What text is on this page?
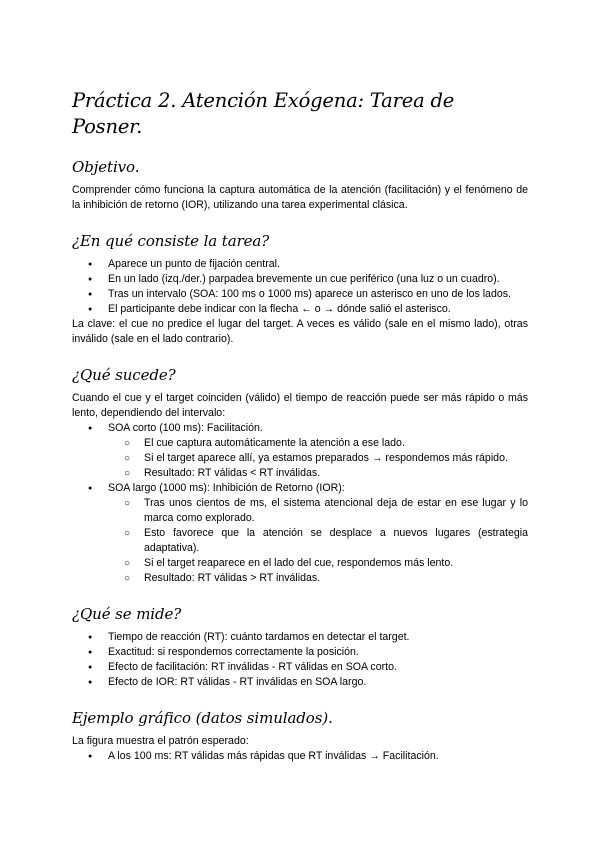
Práctica 2. Atención Exógena: Tarea de Posner.
Objetivo.

Comprender cómo funciona la captura automática de la atención (facilitación) y el fenómeno de la inhibición de retorno (IOR), utilizando una tarea experimental clásica.

¿En qué consiste la tarea?
● Aparece un punto de fijación central.
● En un lado (izq./der.) parpadea brevemente un cue periférico (una luz o un cuadro).
● Tras un intervalo (SOA: 100 ms o 1000 ms) aparece un asterisco en uno de los lados.
● El participante debe indicar con la flecha ← o → dónde salió el asterisco.

La clave: el cue no predice el lugar del target. A veces es válido (sale en el mismo lado), otras inválido (sale en el lado contrario).

¿Qué sucede?

Cuando el cue y el target coinciden (válido) el tiempo de reacción puede ser más rápido o más lento, dependiendo del intervalo:

● SOA corto (100 ms): Facilitación.
○ El cue captura automáticamente la atención a ese lado.
○ Si el target aparece allí, ya estamos preparados → respondemos más rápido.
○ Resultado: RT válidas < RT inválidas.
● SOA largo (1000 ms): Inhibición de Retorno (IOR):
○ Tras unos cientos de ms, el sistema atencional deja de estar en ese lugar y lo marca como explorado.
○ Esto favorece que la atención se desplace a nuevos lugares (estrategia adaptativa).
○ Si el target reaparece en el lado del cue, respondemos más lento.
○ Resultado: RT válidas > RT inválidas.
¿Qué se mide?
● Tiempo de reacción (RT): cuánto tardamos en detectar el target.
● Exactitud: si respondemos correctamente la posición.
● Efecto de facilitación: RT inválidas - RT válidas en SOA corto.
● Efecto de IOR: RT válidas - RT inválidas en SOA largo.
Ejemplo gráfico (datos simulados).

La figura muestra el patrón esperado:

● A los 100 ms: RT válidas más rápidas que RT inválidas → Facilitación.
